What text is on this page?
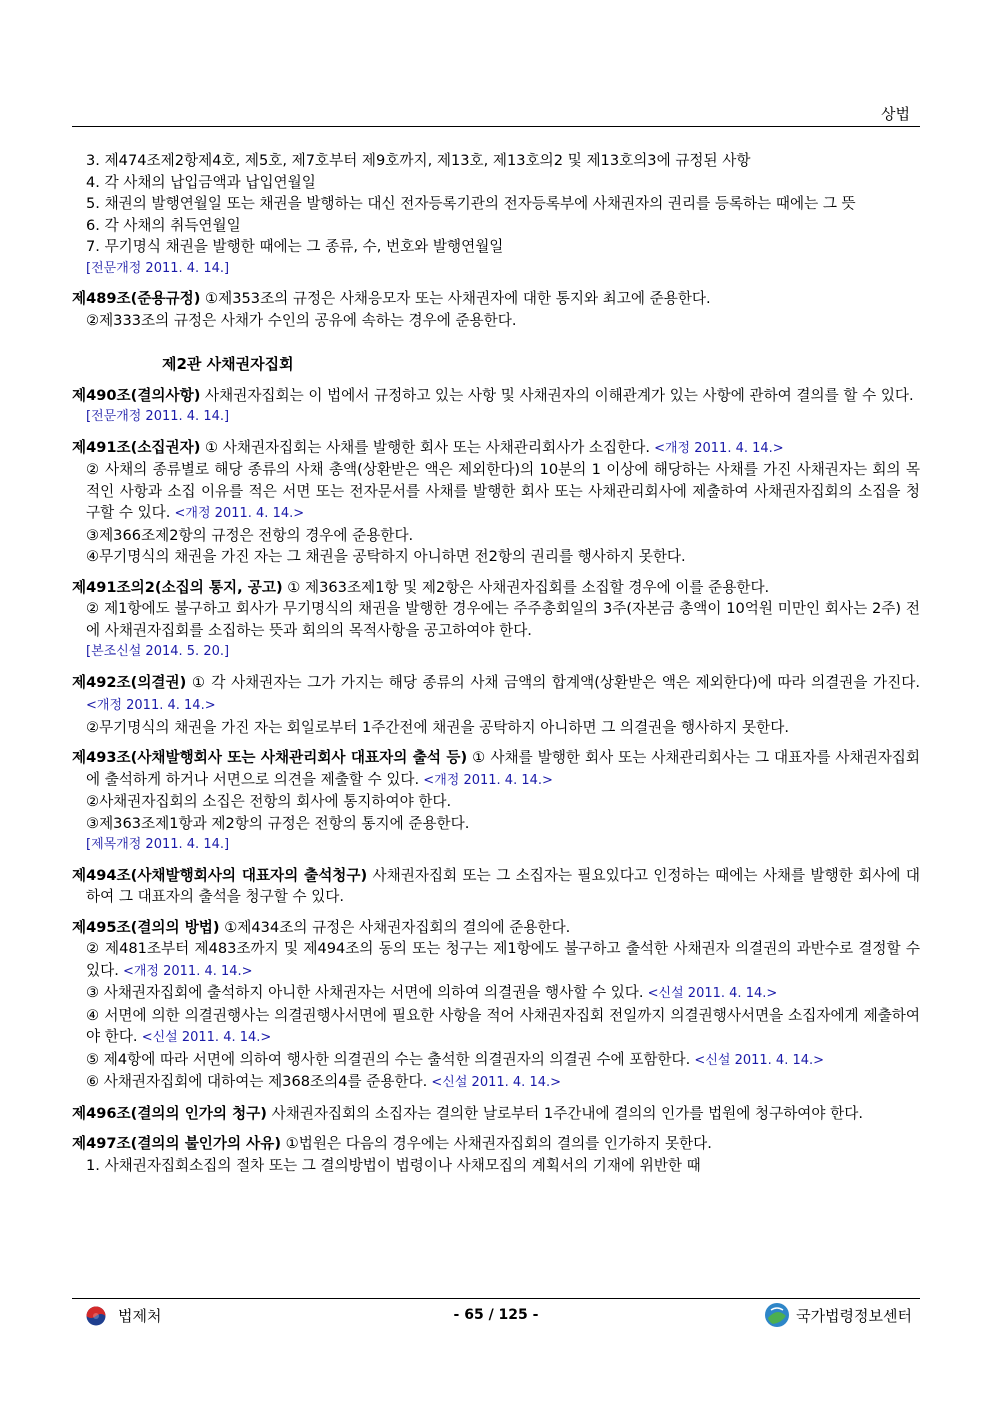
상법
3. 제474조제2항제4호, 제5호, 제7호부터 제9호까지, 제13호, 제13호의2 및 제13호의3에 규정된 사항
4. 각 사채의 납입금액과 납입연월일
5. 채권의 발행연월일 또는 채권을 발행하는 대신 전자등록기관의 전자등록부에 사채권자의 권리를 등록하는 때에는 그 뜻
6. 각 사채의 취득연월일
7. 무기명식 채권을 발행한 때에는 그 종류, 수, 번호와 발행연월일
[전문개정 2011. 4. 14.]
제489조(준용규정) ①제353조의 규정은 사채응모자 또는 사채권자에 대한 통지와 최고에 준용한다.
②제333조의 규정은 사채가 수인의 공유에 속하는 경우에 준용한다.
제2관 사채권자집회
제490조(결의사항) 사채권자집회는 이 법에서 규정하고 있는 사항 및 사채권자의 이해관계가 있는 사항에 관하여 결의를 할 수 있다.
[전문개정 2011. 4. 14.]
제491조(소집권자) ① 사채권자집회는 사채를 발행한 회사 또는 사채관리회사가 소집한다. <개정 2011. 4. 14.>
② 사채의 종류별로 해당 종류의 사채 총액(상환받은 액은 제외한다)의 10분의 1 이상에 해당하는 사채를 가진 사채권자는 회의 목적인 사항과 소집 이유를 적은 서면 또는 전자문서를 사채를 발행한 회사 또는 사채관리회사에 제출하여 사채권자집회의 소집을 청구할 수 있다. <개정 2011. 4. 14.>
③제366조제2항의 규정은 전항의 경우에 준용한다.
④무기명식의 채권을 가진 자는 그 채권을 공탁하지 아니하면 전2항의 권리를 행사하지 못한다.
제491조의2(소집의 통지, 공고) ① 제363조제1항 및 제2항은 사채권자집회를 소집할 경우에 이를 준용한다.
② 제1항에도 불구하고 회사가 무기명식의 채권을 발행한 경우에는 주주총회일의 3주(자본금 총액이 10억원 미만인 회사는 2주) 전에 사채권자집회를 소집하는 뜻과 회의의 목적사항을 공고하여야 한다.
[본조신설 2014. 5. 20.]
제492조(의결권) ① 각 사채권자는 그가 가지는 해당 종류의 사채 금액의 합계액(상환받은 액은 제외한다)에 따라 의결권을 가진다. <개정 2011. 4. 14.>
②무기명식의 채권을 가진 자는 회일로부터 1주간전에 채권을 공탁하지 아니하면 그 의결권을 행사하지 못한다.
제493조(사채발행회사 또는 사채관리회사 대표자의 출석 등) ① 사채를 발행한 회사 또는 사채관리회사는 그 대표자를 사채권자집회에 출석하게 하거나 서면으로 의견을 제출할 수 있다. <개정 2011. 4. 14.>
②사채권자집회의 소집은 전항의 회사에 통지하여야 한다.
③제363조제1항과 제2항의 규정은 전항의 통지에 준용한다.
[제목개정 2011. 4. 14.]
제494조(사채발행회사의 대표자의 출석청구) 사채권자집회 또는 그 소집자는 필요있다고 인정하는 때에는 사채를 발행한 회사에 대하여 그 대표자의 출석을 청구할 수 있다.
제495조(결의의 방법) ①제434조의 규정은 사채권자집회의 결의에 준용한다.
② 제481조부터 제483조까지 및 제494조의 동의 또는 청구는 제1항에도 불구하고 출석한 사채권자 의결권의 과반수로 결정할 수 있다. <개정 2011. 4. 14.>
③ 사채권자집회에 출석하지 아니한 사채권자는 서면에 의하여 의결권을 행사할 수 있다. <신설 2011. 4. 14.>
④ 서면에 의한 의결권행사는 의결권행사서면에 필요한 사항을 적어 사채권자집회 전일까지 의결권행사서면을 소집자에게 제출하여야 한다. <신설 2011. 4. 14.>
⑤ 제4항에 따라 서면에 의하여 행사한 의결권의 수는 출석한 의결권자의 의결권 수에 포함한다. <신설 2011. 4. 14.>
⑥ 사채권자집회에 대하여는 제368조의4를 준용한다. <신설 2011. 4. 14.>
제496조(결의의 인가의 청구) 사채권자집회의 소집자는 결의한 날로부터 1주간내에 결의의 인가를 법원에 청구하여야 한다.
제497조(결의의 불인가의 사유) ①법원은 다음의 경우에는 사채권자집회의 결의를 인가하지 못한다.
1. 사채권자집회소집의 절차 또는 그 결의방법이 법령이나 사채모집의 계획서의 기재에 위반한 때
법제처	- 65 / 125 -	국가법령정보센터
